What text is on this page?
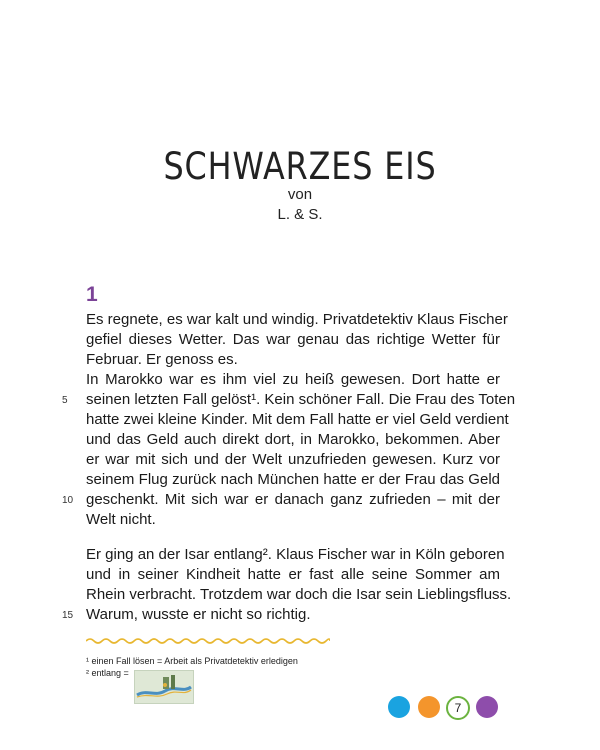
SCHWARZES EIS
von
L. & S.
1
Es regnete, es war kalt und windig. Privatdetektiv Klaus Fischer
gefiel dieses Wetter. Das war genau das richtige Wetter für
Februar. Er genoss es.
In Marokko war es ihm viel zu heiß gewesen. Dort hatte er
seinen letzten Fall gelöst¹. Kein schöner Fall. Die Frau des Toten
hatte zwei kleine Kinder. Mit dem Fall hatte er viel Geld verdient
und das Geld auch direkt dort, in Marokko, bekommen. Aber
er war mit sich und der Welt unzufrieden gewesen. Kurz vor
seinem Flug zurück nach München hatte er der Frau das Geld
geschenkt. Mit sich war er danach ganz zufrieden – mit der
Welt nicht.
Er ging an der Isar entlang². Klaus Fischer war in Köln geboren
und in seiner Kindheit hatte er fast alle seine Sommer am
Rhein verbracht. Trotzdem war doch die Isar sein Lieblingsfluss.
Warum, wusste er nicht so richtig.
5
10
15
¹ einen Fall lösen = Arbeit als Privatdetektiv erledigen
² entlang =
7
